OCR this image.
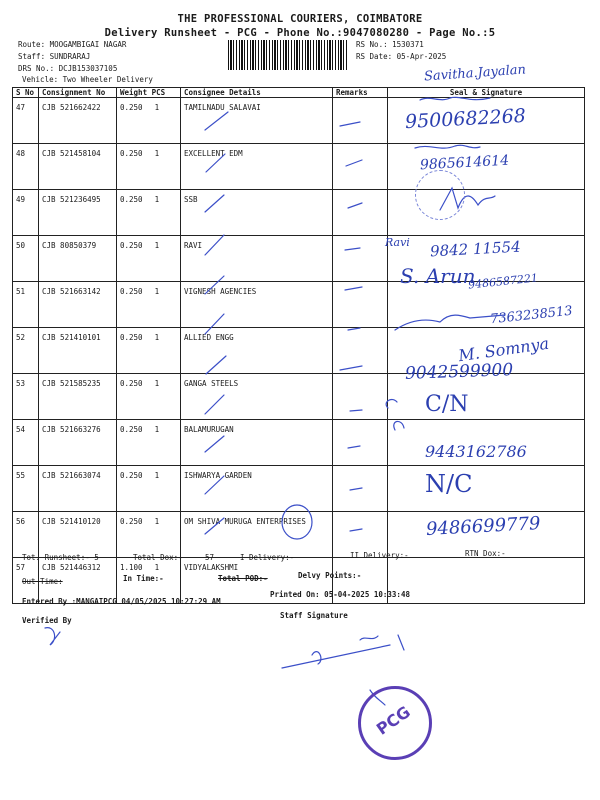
THE PROFESSIONAL COURIERS, COIMBATORE
Delivery Runsheet - PCG - Phone No.:9047080280 - Page No.:5
Route: MOOGAMBIGAI NAGAR
Staff: SUNDRARAJ
DRS No.: DCJB153037105
Vehicle: Two Wheeler Delivery
RS No.: 1530371
RS Date: 05-Apr-2025
S No	Consignment No	Weight PCS	Consignee Details	Remarks	Seal & Signature
47	CJB 521662422	0.250 1	TAMILNADU SALAVAI		
48	CJB 521458104	0.250 1	EXCELLENT EDM		
49	CJB 521236495	0.250 1	SSB		
50	CJB 80850379	0.250 1	RAVI		
51	CJB 521663142	0.250 1	VIGNESH AGENCIES		
52	CJB 521410101	0.250 1	ALLIED ENGG		
53	CJB 521585235	0.250 1	GANGA STEELS		
54	CJB 521663276	0.250 1	BALAMURUGAN		
55	CJB 521663074	0.250 1	ISHWARYA GARDEN		
56	CJB 521410120	0.250 1	OM SHIVA MURUGA ENTERPRISES		
57	CJB 521446312	1.100 1	VIDYALAKSHMI		
Savitha.Jayalan
9500682268
9865614614
Ravi 9842 11554
S. Arun
9486587221
7363238513
M. Somnya
9042599900
C/N
9443162786
N/C
9486699779
PCG
Tot. Runsheet:- 5	Total Dox:-	57	I Delivery:-	II Delivery:-	RTN Dox:-
Out Time:	In Time:-	Total POD:-	Delvy Points:-
Entered By :MANGAIPCG 04/05/2025 10:27:29 AM
Printed On: 05-04-2025 10:33:48
Staff Signature
Verified By
